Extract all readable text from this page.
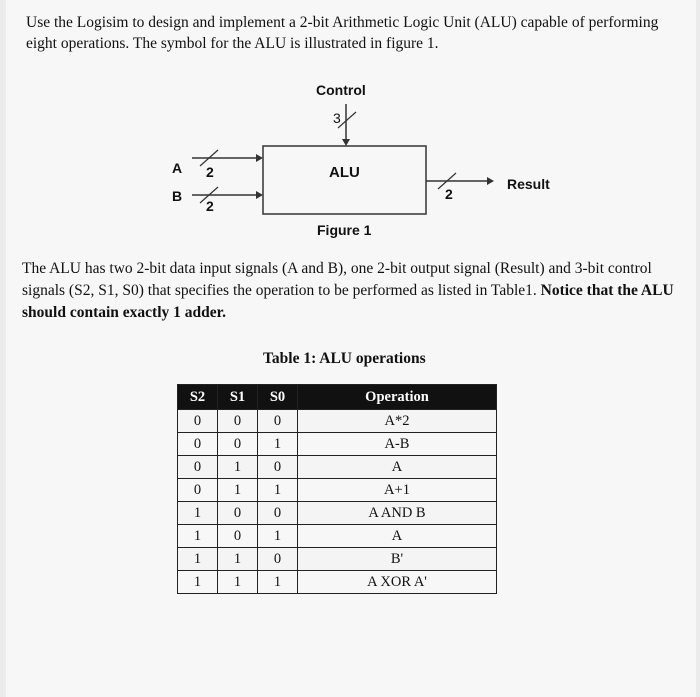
Use the Logisim to design and implement a 2-bit Arithmetic Logic Unit (ALU) capable of performing eight operations. The symbol for the ALU is illustrated in figure 1.
Control
3
ALU
A 2
B
2
2
Result
Figure 1
The ALU has two 2-bit data input signals (A and B), one 2-bit output signal (Result) and 3-bit control signals (S2, S1, S0) that specifies the operation to be performed as listed in Table1. Notice that the ALU should contain exactly 1 adder.
Table 1: ALU operations
S2	S1	S0	Operation
0	0	0	A*2
0	0	1	A-B
0	1	0	A
0	1	1	A+1
1	0	0	A AND B
1	0	1	A
1	1	0	B'
1	1	1	A XOR A'
